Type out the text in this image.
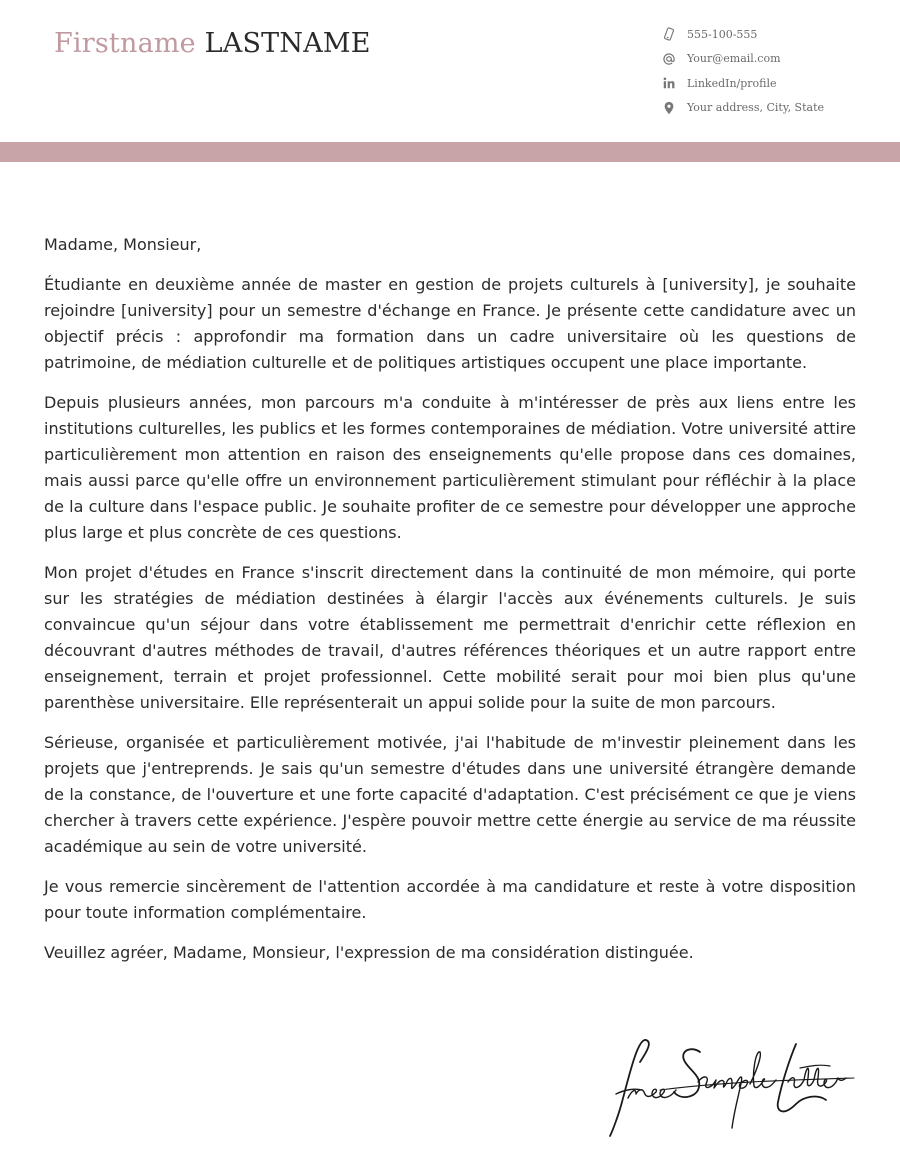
Firstname LASTNAME	555-100-555
Your@email.com
LinkedIn/profile
Your address, City, State

Madame, Monsieur,

Étudiante en deuxième année de master en gestion de projets culturels à [university], je souhaite rejoindre [university] pour un semestre d'échange en France. Je présente cette candidature avec un objectif précis : approfondir ma formation dans un cadre universitaire où les questions de patrimoine, de médiation culturelle et de politiques artistiques occupent une place importante.

Depuis plusieurs années, mon parcours m'a conduite à m'intéresser de près aux liens entre les institutions culturelles, les publics et les formes contemporaines de médiation. Votre université attire particulièrement mon attention en raison des enseignements qu'elle propose dans ces domaines, mais aussi parce qu'elle offre un environnement particulièrement stimulant pour réfléchir à la place de la culture dans l'espace public. Je souhaite profiter de ce semestre pour développer une approche plus large et plus concrète de ces questions.

Mon projet d'études en France s'inscrit directement dans la continuité de mon mémoire, qui porte sur les stratégies de médiation destinées à élargir l'accès aux événements culturels. Je suis convaincue qu'un séjour dans votre établissement me permettrait d'enrichir cette réflexion en découvrant d'autres méthodes de travail, d'autres références théoriques et un autre rapport entre enseignement, terrain et projet professionnel. Cette mobilité serait pour moi bien plus qu'une parenthèse universitaire. Elle représenterait un appui solide pour la suite de mon parcours.

Sérieuse, organisée et particulièrement motivée, j'ai l'habitude de m'investir pleinement dans les projets que j'entreprends. Je sais qu'un semestre d'études dans une université étrangère demande de la constance, de l'ouverture et une forte capacité d'adaptation. C'est précisément ce que je viens chercher à travers cette expérience. J'espère pouvoir mettre cette énergie au service de ma réussite académique au sein de votre université.

Je vous remercie sincèrement de l'attention accordée à ma candidature et reste à votre disposition pour toute information complémentaire.

Veuillez agréer, Madame, Monsieur, l'expression de ma considération distinguée.
